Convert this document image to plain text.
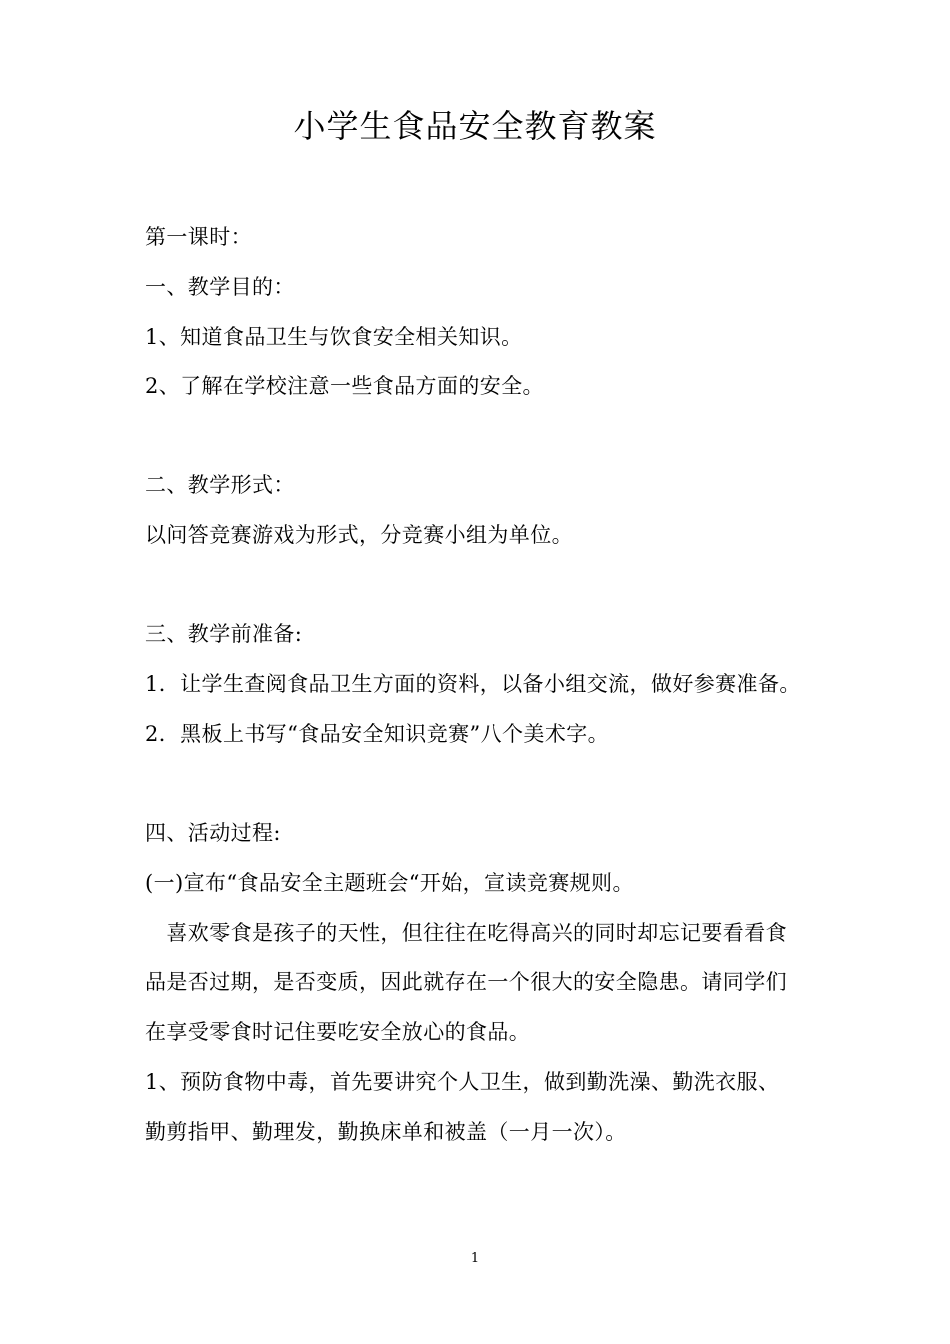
小学生食品安全教育教案
第一课时：
一、教学目的：
1、知道食品卫生与饮食安全相关知识。
2、了解在学校注意一些食品方面的安全。
二、教学形式：
以问答竞赛游戏为形式，分竞赛小组为单位。
三、教学前准备:
1．让学生查阅食品卫生方面的资料，以备小组交流，做好参赛准备。
2．黑板上书写“食品安全知识竞赛”八个美术字。
四、活动过程:
(一)宣布“食品安全主题班会“开始，宣读竞赛规则。
　喜欢零食是孩子的天性，但往往在吃得高兴的同时却忘记要看看食
品是否过期，是否变质，因此就存在一个很大的安全隐患。请同学们
在享受零食时记住要吃安全放心的食品。
1、预防食物中毒，首先要讲究个人卫生，做到勤洗澡、勤洗衣服、
勤剪指甲、勤理发，勤换床单和被盖（一月一次）。
1
